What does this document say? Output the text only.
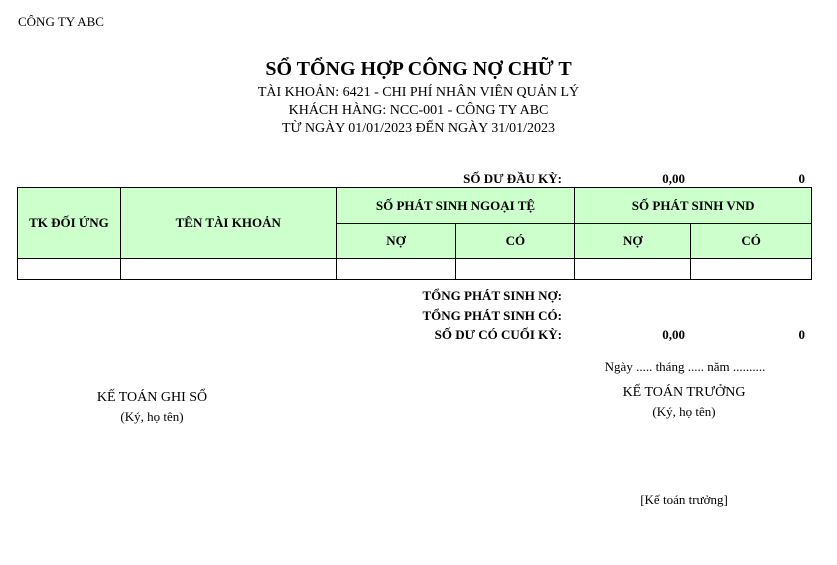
CÔNG TY ABC
SỔ TỔNG HỢP CÔNG NỢ CHỮ T
TÀI KHOẢN: 6421 - CHI PHÍ NHÂN VIÊN QUẢN LÝ
KHÁCH HÀNG: NCC-001 - CÔNG TY ABC
TỪ NGÀY 01/01/2023 ĐẾN NGÀY 31/01/2023
SỐ DƯ ĐẦU KỲ:	0,00	0
TK ĐỐI ỨNG	TÊN TÀI KHOẢN	SỐ PHÁT SINH NGOẠI TỆ		SỐ PHÁT SINH VND	
		NỢ	CÓ	NỢ	CÓ

TỔNG PHÁT SINH NỢ:
TỔNG PHÁT SINH CÓ:
SỐ DƯ CÓ CUỐI KỲ:	0,00	0
Ngày ..... tháng ..... năm ..........
KẾ TOÁN GHI SỔ
(Ký, họ tên)
KẾ TOÁN TRƯỞNG
(Ký, họ tên)
[Kế toán trưởng]
